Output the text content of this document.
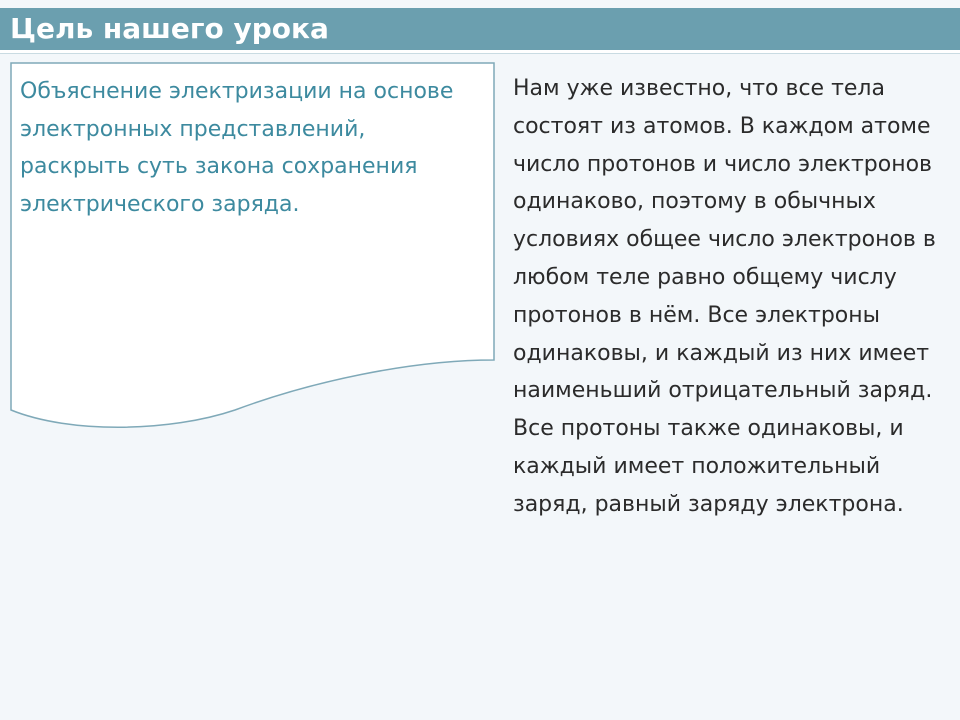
Цель нашего урока

Объяснение электризации на основе электронных представлений, раскрыть суть закона сохранения электрического заряда.

Нам уже известно, что все тела состоят из атомов. В каждом атоме число протонов и число электронов одинаково, поэтому в обычных условиях общее число электронов в любом теле равно общему числу протонов в нём. Все электроны одинаковы, и каждый из них имеет наименьший отрицательный заряд. Все протоны также одинаковы, и каждый имеет положительный заряд, равный заряду электрона.
